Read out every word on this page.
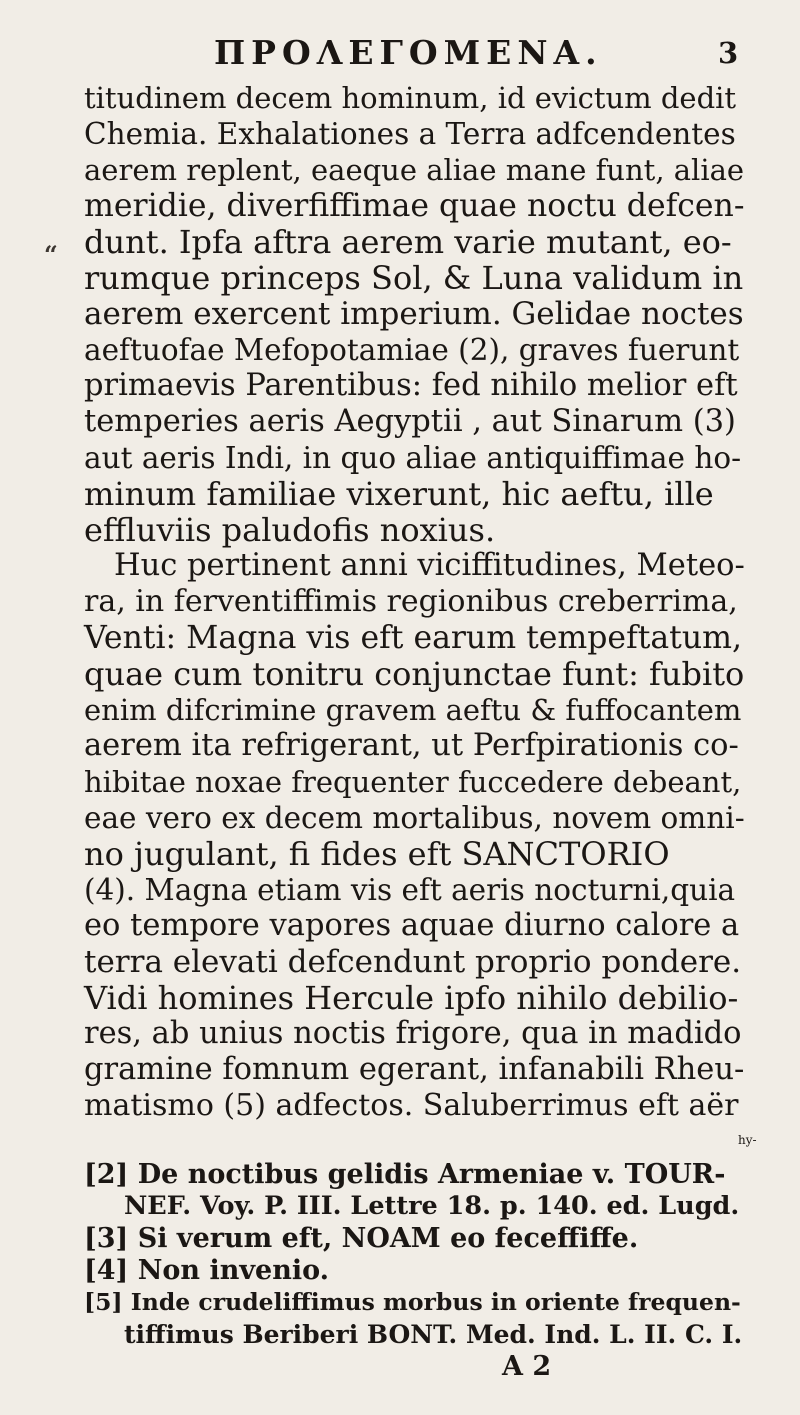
ΠΡΟΛΕΓΟΜΕΝΑ.	3
“
titudinem decem hominum, id evictum dedit
Chemia. Exhalationes a Terra adfcendentes
aerem replent, eaeque aliae mane funt, aliae
meridie, diverfiffimae quae noctu defcen-
dunt. Ipfa aftra aerem varie mutant, eo-
rumque princeps Sol, & Luna validum in
aerem exercent imperium. Gelidae noctes
aeftuofae Mefopotamiae (2), graves fuerunt
primaevis Parentibus: fed nihilo melior eft
temperies aeris Aegyptii , aut Sinarum (3)
aut aeris Indi, in quo aliae antiquiffimae ho-
minum familiae vixerunt, hic aeftu, ille
effluviis paludofis noxius.
Huc pertinent anni viciffitudines, Meteo-
ra, in ferventiffimis regionibus creberrima,
Venti: Magna vis eft earum tempeftatum,
quae cum tonitru conjunctae funt: fubito
enim difcrimine gravem aeftu & fuffocantem
aerem ita refrigerant, ut Perfpirationis co-
hibitae noxae frequenter fuccedere debeant,
eae vero ex decem mortalibus, novem omni-
no jugulant, fi fides eft SANCTORIO
(4). Magna etiam vis eft aeris nocturni,quia
eo tempore vapores aquae diurno calore a
terra elevati defcendunt proprio pondere.
Vidi homines Hercule ipfo nihilo debilio-
res, ab unius noctis frigore, qua in madido
gramine fomnum egerant, infanabili Rheu-
matismo (5) adfectos. Saluberrimus eft aër
hy-
[2] De noctibus gelidis Armeniae v. TOUR-
NEF. Voy. P. III. Lettre 18. p. 140. ed. Lugd.
[3] Si verum eft, NOAM eo feceffiffe.
[4] Non invenio.
[5] Inde crudeliffimus morbus in oriente frequen-
tiffimus Beriberi BONT. Med. Ind. L. II. C. I.
A 2
